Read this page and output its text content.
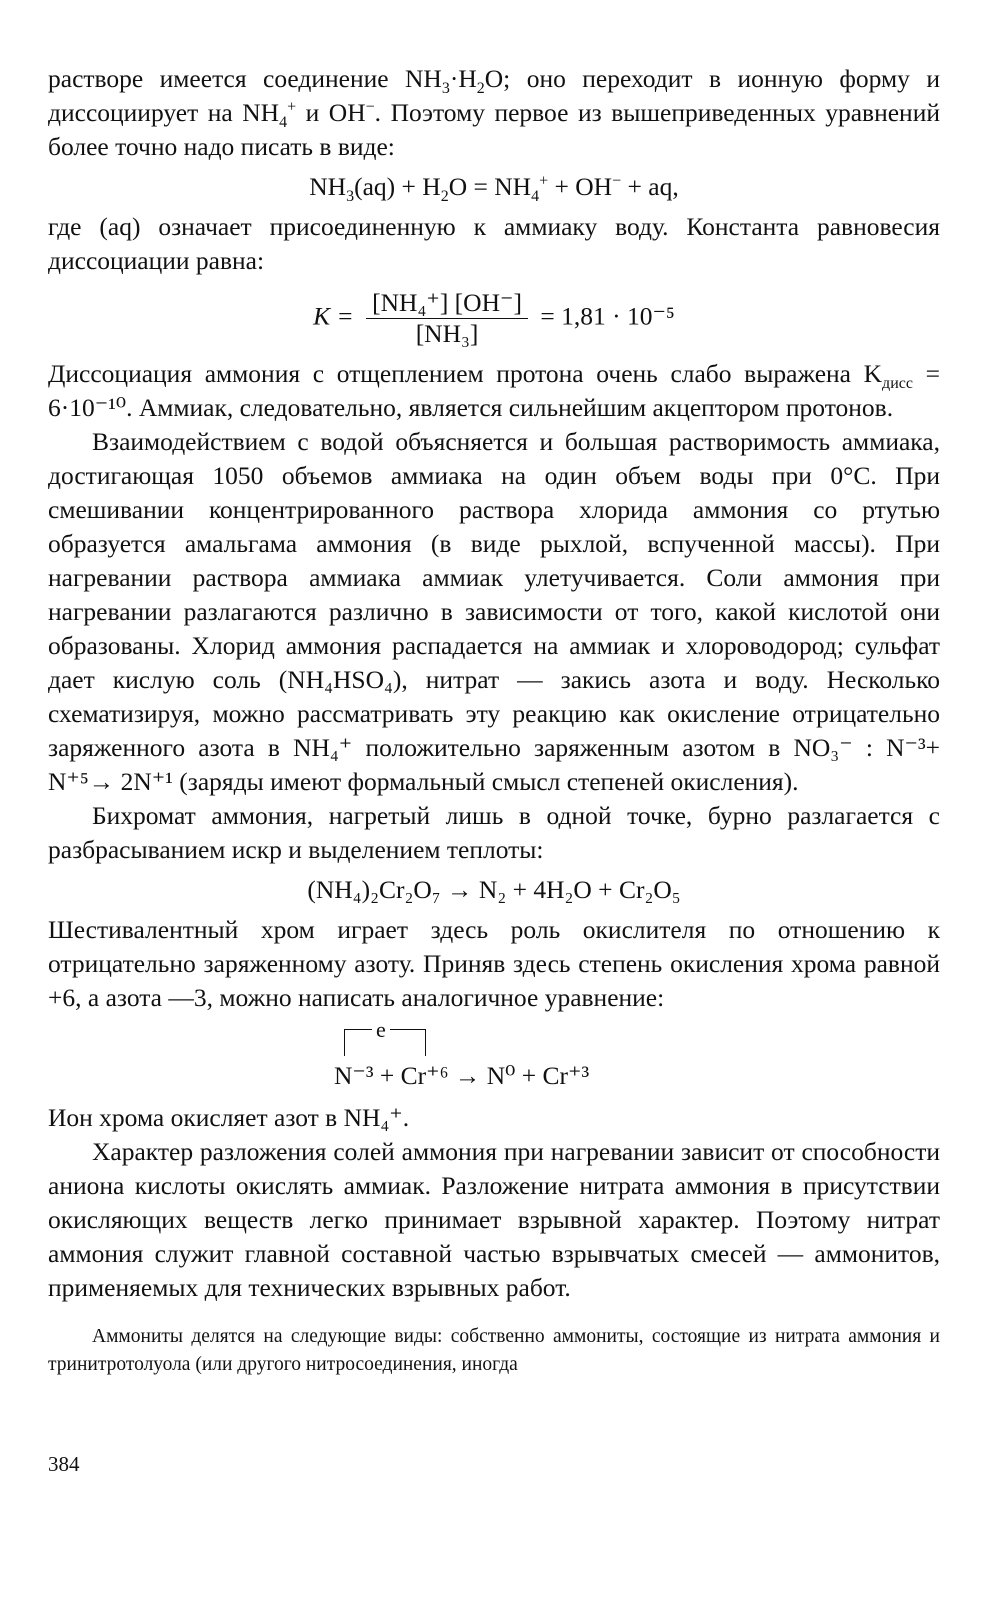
растворе имеется соединение $NH_3\cdot H_2O$; оно переходит в ионную форму и диссоциирует на $NH_4^+$ и OH−. Поэтому первое из вышеприведенных уравнений более точно надо писать в виде:

$NH_3(aq) + H_2O = NH_4^+ + OH^-$ + aq,

где (aq) означает присоединенную к аммиаку воду. Константа равновесия диссоциации равна:

$K = \frac{\text{[NH₄⁺] [OH⁻]}}{\text{[NH₃]}} = 1,81 \cdot 10^{-5}$

Диссоциация аммония с отщеплением протона очень слабо выражена $K_{дисс} = 6\cdot 10^{-10}$. Аммиак, следовательно, является сильнейшим акцептором протонов.

Взаимодействием с водой объясняется и большая растворимость аммиака, достигающая 1050 объемов аммиака на один объем воды при 0°C. При смешивании концентрированного раствора хлорида аммония со ртутью образуется амальгама аммония (в виде рыхлой, вспученной массы). При нагревании раствора аммиака аммиак улетучивается. Соли аммония при нагревании разлагаются различно в зависимости от того, какой кислотой они образованы. Хлорид аммония распадается на аммиак и хлороводород; сульфат дает кислую соль (NH₄HSO₄), нитрат — закись азота и воду. Несколько схематизируя, можно рассматривать эту реакцию как окисление отрицательно заряженного азота в NH₄⁺ положительно заряженным азотом в NO₃⁻ : N⁻³+ N⁺⁵→ 2N⁺¹ (заряды имеют формальный смысл степеней окисления).

Бихромат аммония, нагретый лишь в одной точке, бурно разлагается с разбрасыванием искр и выделением теплоты:

(NH₄)₂Cr₂O₇ → N₂ + 4H₂O + Cr₂O₅

Шестивалентный хром играет здесь роль окислителя по отношению к отрицательно заряженному азоту. Приняв здесь степень окисления хрома равной +6, а азота —3, можно написать аналогичное уравнение:

e
N⁻³ + Cr⁺⁶ → N⁰ + Cr⁺³

Ион хрома окисляет азот в NH₄⁺.

Характер разложения солей аммония при нагревании зависит от способности аниона кислоты окислять аммиак. Разложение нитрата аммония в присутствии окисляющих веществ легко принимает взрывной характер. Поэтому нитрат аммония служит главной составной частью взрывчатых смесей — аммонитов, применяемых для технических взрывных работ.

Аммониты делятся на следующие виды: собственно аммониты, состоящие из нитрата аммония и тринитротолуола (или другого нитросоединения, иногда

384
